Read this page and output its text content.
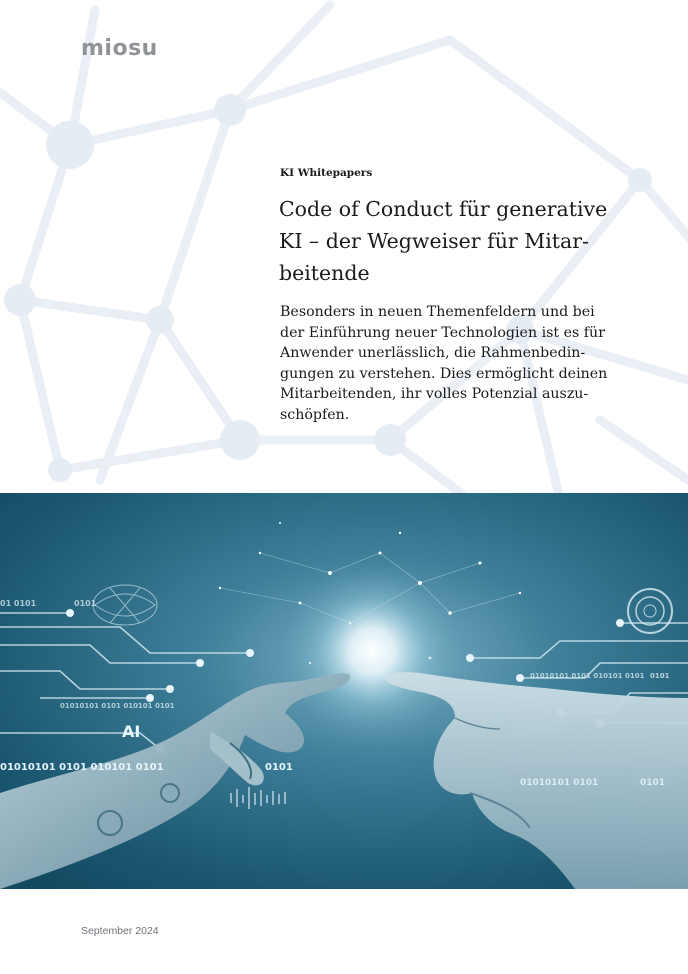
miosu
KI Whitepapers
Code of Conduct für generative
KI – der Wegweiser für Mitar-
beitende

Besonders in neuen Themenfeldern und bei
der Einführung neuer Technologien ist es für
Anwender unerlässlich, die Rahmenbedin-
gungen zu verstehen. Dies ermöglicht deinen
Mitarbeitenden, ihr volles Potenzial auszu-
schöpfen.

01 0101	0101
01010101 0101 010101 0101	0101
01010101 0101 010101 0101
01010101 0101 010101 0101
01010101 0101	0101
0101
AI
September 2024
